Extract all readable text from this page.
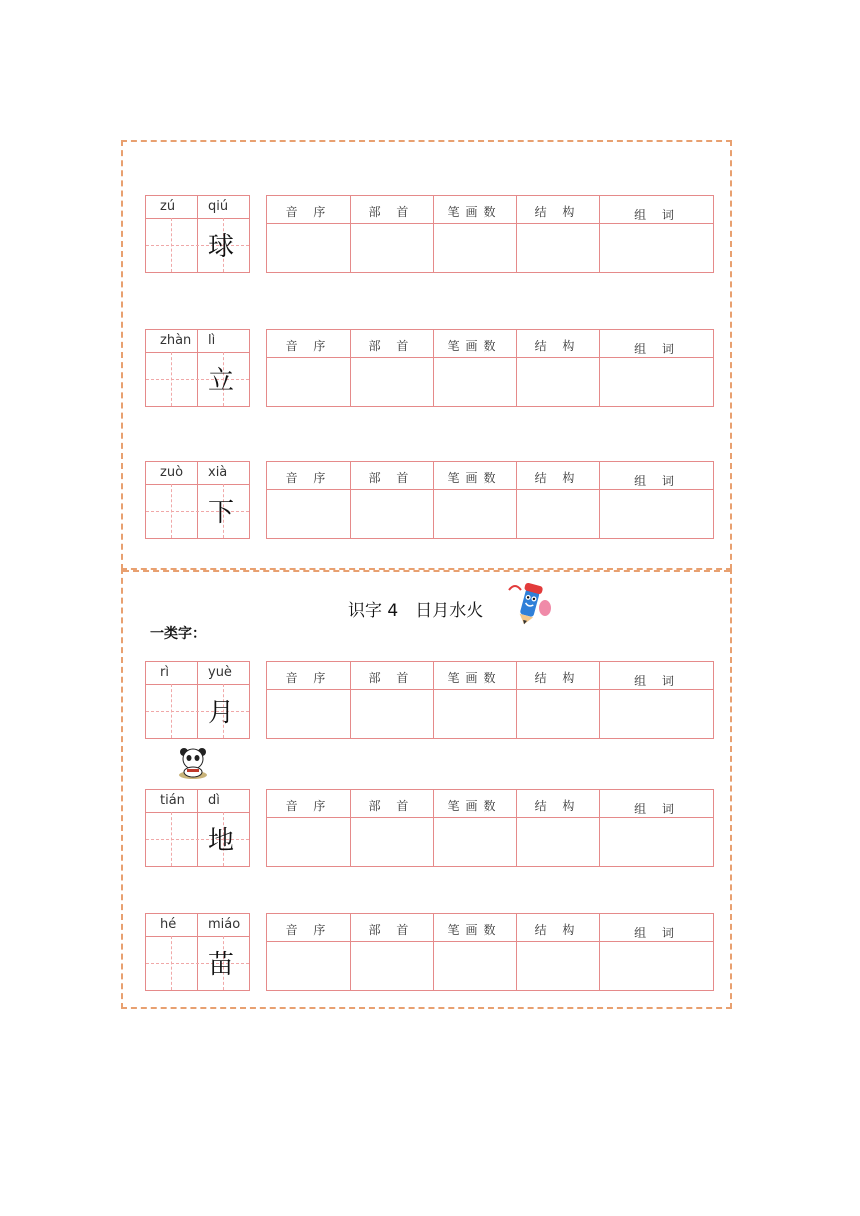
zú	qiú
球
音 序	部 首	笔画数	结 构	组 词
zhàn lì
立
音 序	部 首	笔画数	结 构	组 词
zuò xià
下
音 序	部 首	笔画数	结 构	组 词
rì	yuè
月
音 序	部 首	笔画数	结 构	组 词
tián dì
地
音 序	部 首	笔画数	结 构	组 词
hé miáo
苗
音 序	部 首	笔画数	结 构	组 词
识字 4　日月水火
一类字：
